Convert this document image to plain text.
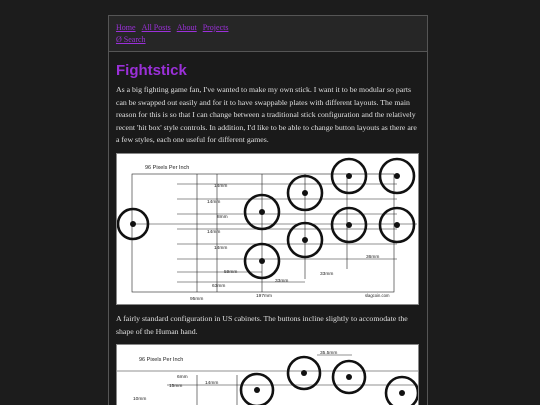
Home All Posts About Projects
Ø Search
Fightstick

As a big fighting game fan, I've wanted to make my own stick. I want it to be modular so parts can be swapped out easily and for it to have swappable plates with different layouts. The main reason for this is so that I can change between a traditional stick configuration and the relatively recent 'hit box' style controls. In addition, I'd like to be able to change button layouts as there are a few styles, each one useful for different games.

96 Pixels Per Inch
14mm
14mm
8mm
14mm
14mm
59mm
63mm
33mm
33mm
36mm
95mm
197mm	slagcoin.com

A fairly standard configuration in US cabinets. The buttons incline slightly to accomodate the shape of the Human hand.

96 Pixels Per Inch
35.5mm
6mm
15mm
14mm
10mm
